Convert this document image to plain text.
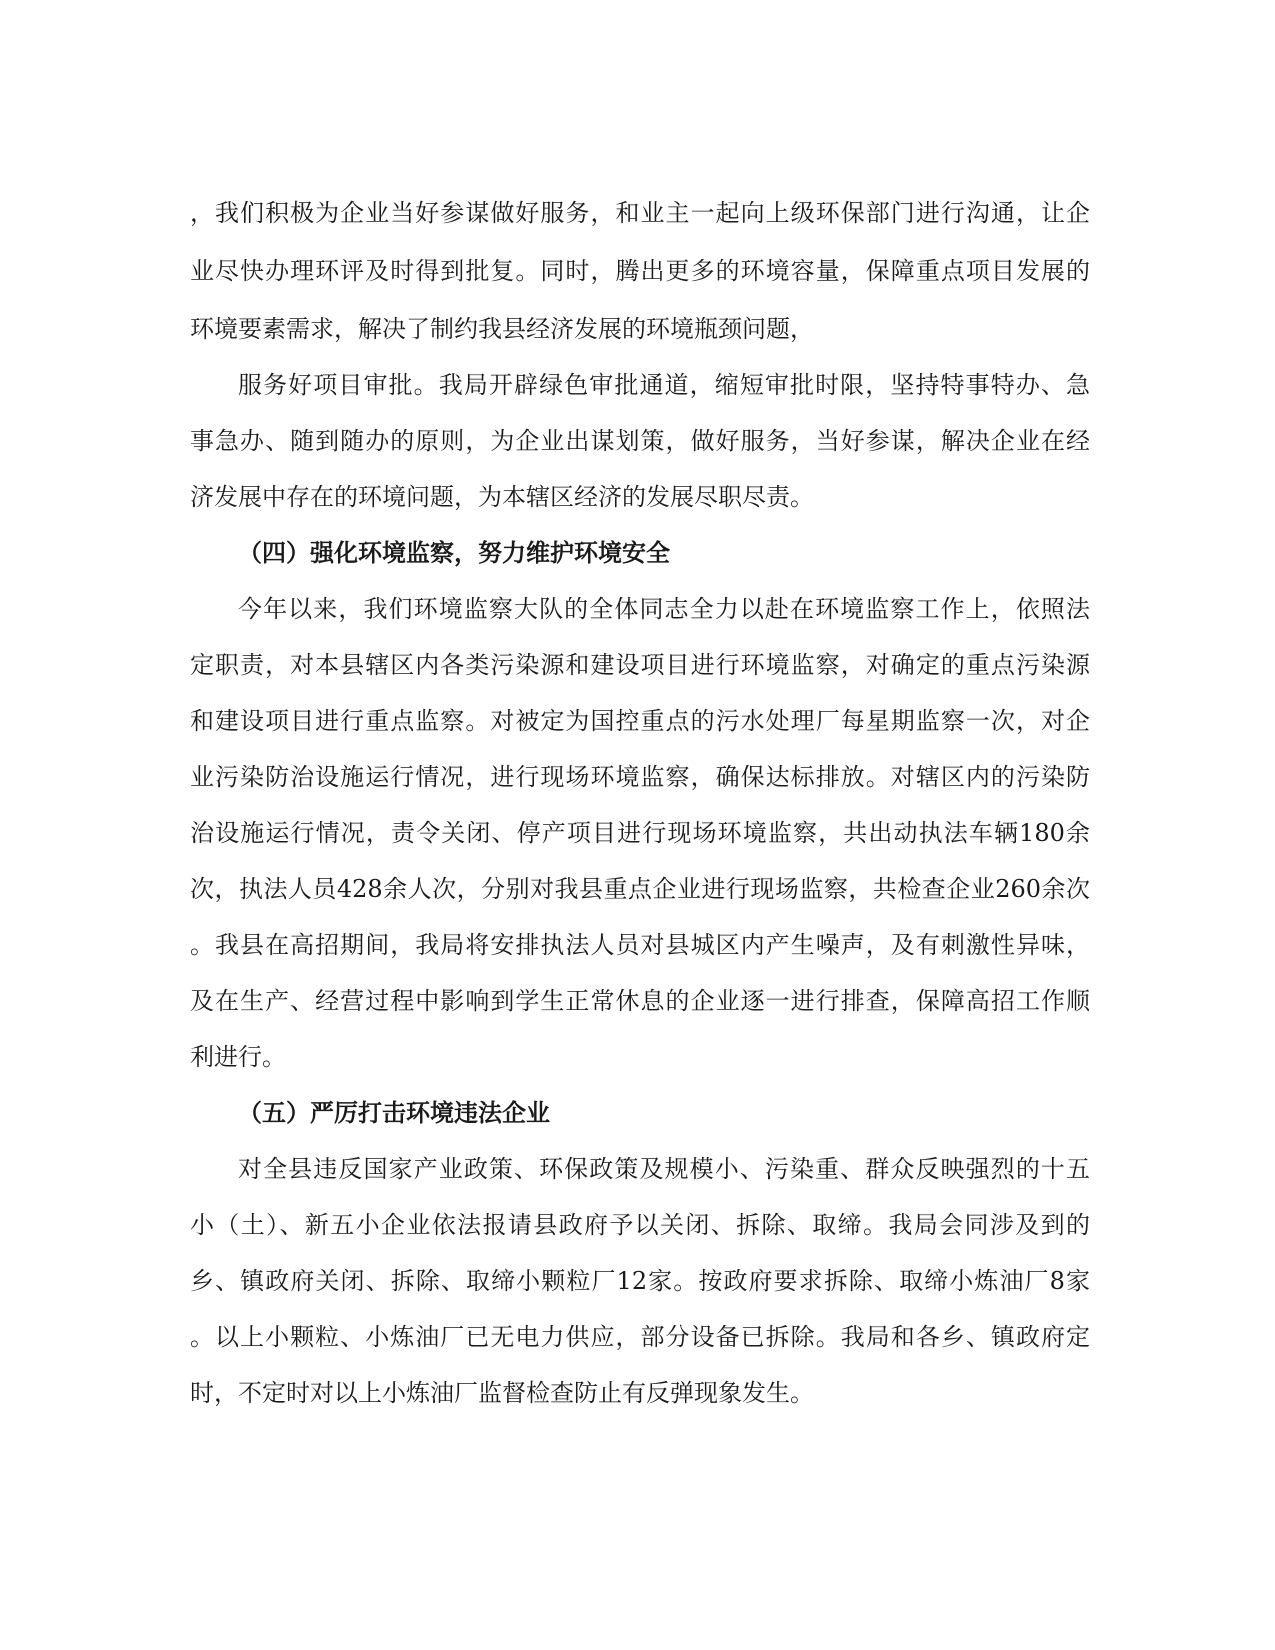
，我们积极为企业当好参谋做好服务，和业主一起向上级环保部门进行沟通，让企
业尽快办理环评及时得到批复。同时，腾出更多的环境容量，保障重点项目发展的
环境要素需求，解决了制约我县经济发展的环境瓶颈问题，
服务好项目审批。我局开辟绿色审批通道，缩短审批时限，坚持特事特办、急
事急办、随到随办的原则，为企业出谋划策，做好服务，当好参谋，解决企业在经
济发展中存在的环境问题，为本辖区经济的发展尽职尽责。
（四）强化环境监察，努力维护环境安全
今年以来，我们环境监察大队的全体同志全力以赴在环境监察工作上，依照法
定职责，对本县辖区内各类污染源和建设项目进行环境监察，对确定的重点污染源
和建设项目进行重点监察。对被定为国控重点的污水处理厂每星期监察一次，对企
业污染防治设施运行情况，进行现场环境监察，确保达标排放。对辖区内的污染防
治设施运行情况，责令关闭、停产项目进行现场环境监察，共出动执法车辆180余
次，执法人员428余人次，分别对我县重点企业进行现场监察，共检查企业260余次
。我县在高招期间，我局将安排执法人员对县城区内产生噪声，及有刺激性异味，
及在生产、经营过程中影响到学生正常休息的企业逐一进行排查，保障高招工作顺
利进行。
（五）严厉打击环境违法企业
对全县违反国家产业政策、环保政策及规模小、污染重、群众反映强烈的十五
小（土）、新五小企业依法报请县政府予以关闭、拆除、取缔。我局会同涉及到的
乡、镇政府关闭、拆除、取缔小颗粒厂12家。按政府要求拆除、取缔小炼油厂8家
。以上小颗粒、小炼油厂已无电力供应，部分设备已拆除。我局和各乡、镇政府定
时，不定时对以上小炼油厂监督检查防止有反弹现象发生。
